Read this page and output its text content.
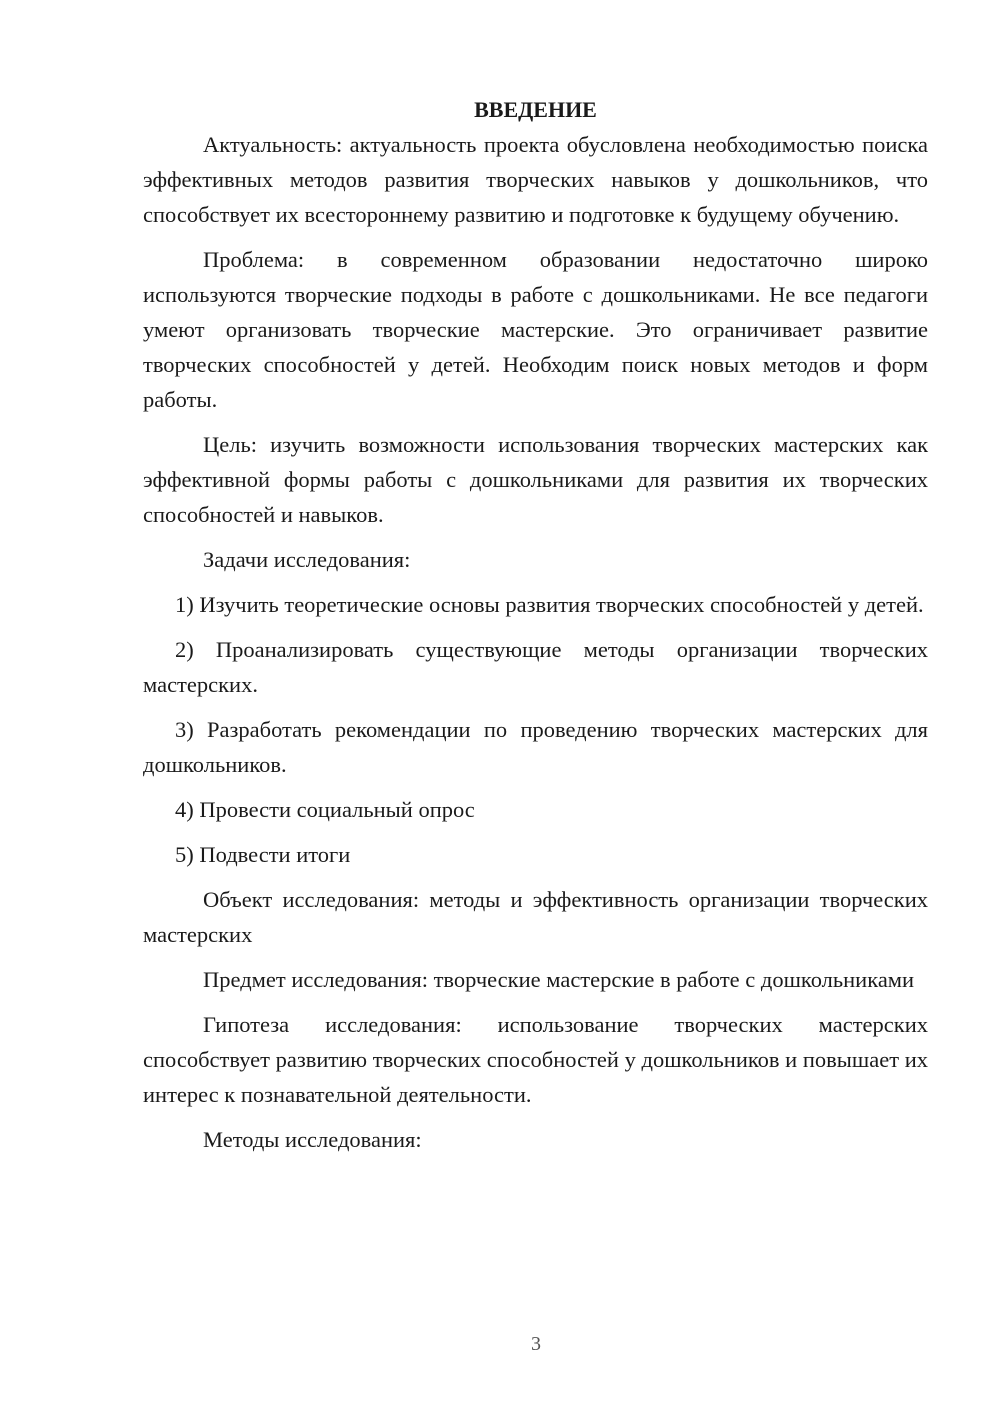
ВВЕДЕНИЕ

Актуальность: актуальность проекта обусловлена необходимостью поиска эффективных методов развития творческих навыков у дошкольников, что способствует их всестороннему развитию и подготовке к будущему обучению.

Проблема: в современном образовании недостаточно широко используются творческие подходы в работе с дошкольниками. Не все педагоги умеют организовать творческие мастерские. Это ограничивает развитие творческих способностей у детей. Необходим поиск новых методов и форм работы.

Цель: изучить возможности использования творческих мастерских как эффективной формы работы с дошкольниками для развития их творческих способностей и навыков.

Задачи исследования:

1) Изучить теоретические основы развития творческих способностей у детей.

2) Проанализировать существующие методы организации творческих мастерских.

3) Разработать рекомендации по проведению творческих мастерских для дошкольников.

4) Провести социальный опрос

5) Подвести итоги

Объект исследования: методы и эффективность организации творческих мастерских

Предмет исследования: творческие мастерские в работе с дошкольниками

Гипотеза исследования: использование творческих мастерских способствует развитию творческих способностей у дошкольников и повышает их интерес к познавательной деятельности.

Методы исследования:

3
